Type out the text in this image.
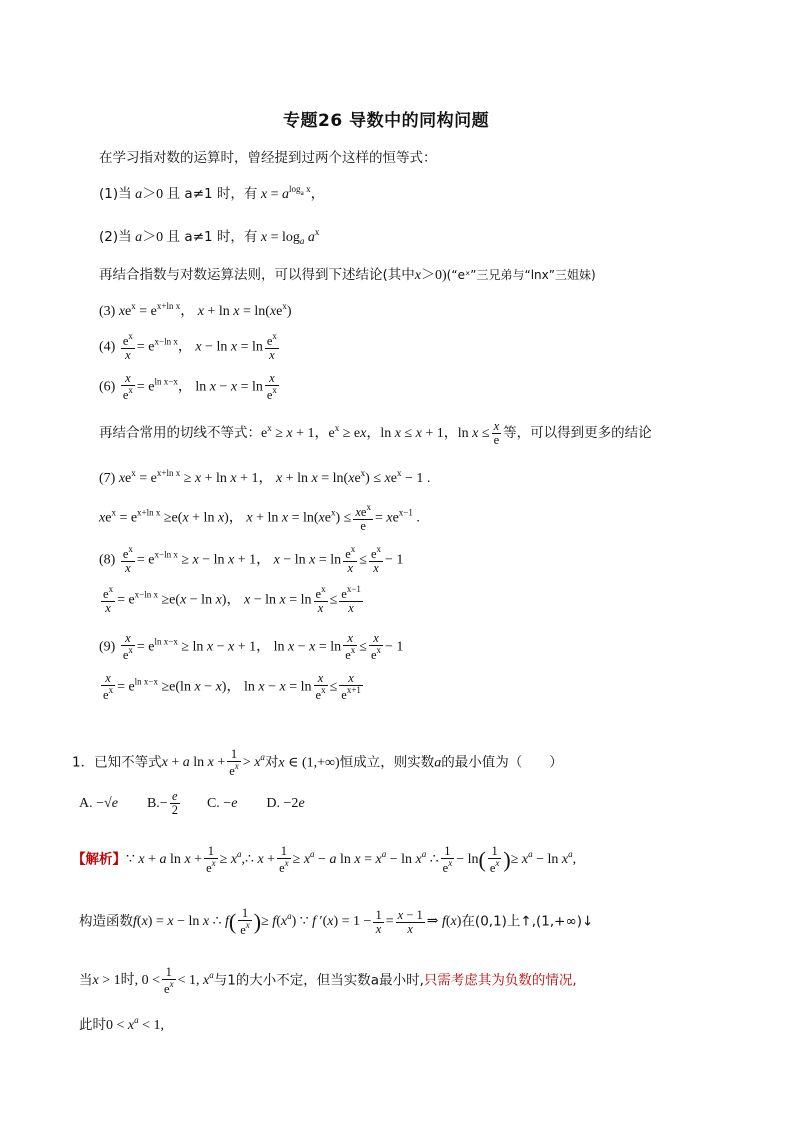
专题26 导数中的同构问题
在学习指对数的运算时，曾经提到过两个这样的恒等式：
(1)当 a＞0 且 a≠1 时，有 $x = a^{log_a x}$，
(2)当 a＞0 且 a≠1 时，有 $x = \log_a a^x$
再结合指数与对数运算法则，可以得到下述结论(其中x＞0)(“eˣ”三兄弟与“lnx”三姐妹)
(3) $xe^x = e^{x+ln x}$， $x + \ln x = \ln(xe^x)$
$(4) \frac{e^x}{x} = e^{x-ln x}$， $x - \ln x = \ln \frac{e^x}{x}$
$(6) \frac{x}{e^x} = e^{ln x-x}$， $\ln x - x = \ln \frac{x}{e^x}$
再结合常用的切线不等式：$e^x \ge x + 1$，$e^x$ ≥ ex，ln x ≤ x + 1，$\ln x \le \frac{x}{e}$ 等，可以得到更多的结论
(7) $xe^x = e^{x+ln x} \ge x + \ln x + 1$， $x + \ln x = \ln(xe^x) \le xe^x - 1$ .
$xe^x = e^{x+ln x} \ge e(x + \ln x)$， $x + \ln x = \ln(xe^x) \le \frac{xe^x}{e} = xe^{x-1}$ .
$(8) \frac{e^x}{x} = e^{x-ln x} \ge x - \ln x + 1$， $x - \ln x = \ln \frac{e^x}{x} \le \frac{e^x}{x} - 1$
$\frac{e^x}{x} = e^{x-ln x} \ge e(x - \ln x)$， $x - \ln x = \ln \frac{e^x}{x} \le \frac{e^{x-1}}{x}$
$(9) \frac{x}{e^x} = e^{ln x-x} \ge \ln x - x + 1$， $\ln x - x = \ln \frac{x}{e^x} \le \frac{x}{e^x} - 1$
$\frac{x}{e^x} = e^{ln x-x} \ge e(\ln$ x − x)， $\ln x - x = \ln \frac{x}{e^x} \le \frac{x}{e^{x+1}}$
1．已知不等式x + a $\ln x + \frac{1}{e^x} > x^a$对x ∈ (1,+∞)恒成立，则实数a的最小值为（　　）
A. −√e $B.- \frac{e}{2} C$. −e D. −2e
【解析】∵ x + a $\ln x + \frac{1}{e^x}$ ≥ $x^a,\therefore$ $x + \frac{1}{e^x} \ge x^a - a$ $\ln x = x^a - \ln x^a$ ∴ $\frac{1}{e^x} - \ln( \frac{1}{e^x}$ )≥ $x^a - \ln x^a$,
构造函数f(x) = x − ln x ∴ $f( \frac{1}{e^x}$ )≥ $f(x^a)$ ∵ f $'(x) = 1 - \frac{1}{x} = \frac{x - 1}{x}$ ⇒ f(x)在(0,1)上↑,(1,+∞)↓
当x > 1时, $0 < \frac{1}{e^x} < 1$, $x^a$与1的大小不定，但当实数a最小时,只需考虑其为负数的情况,
此时$0 < x^a < 1$,
